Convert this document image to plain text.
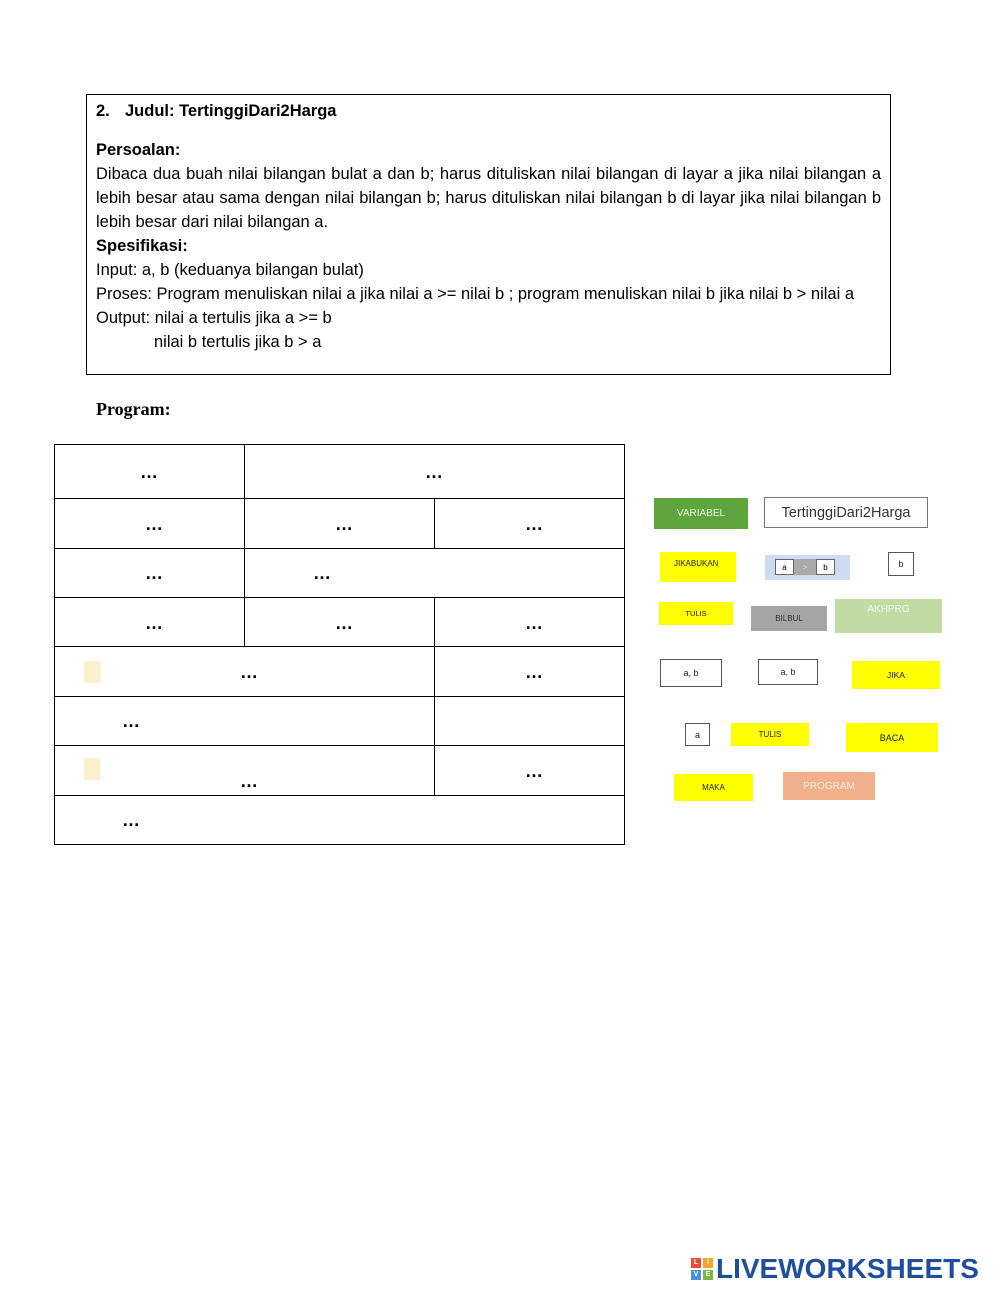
2. Judul: TertinggiDari2Harga

Persoalan:

Dibaca dua buah nilai bilangan bulat a dan b; harus dituliskan nilai bilangan di layar a jika nilai bilangan a lebih besar atau sama dengan nilai bilangan b; harus dituliskan nilai bilangan b di layar jika nilai bilangan b lebih besar dari nilai bilangan a.

Spesifikasi:

Input: a, b (keduanya bilangan bulat)

Proses: Program menuliskan nilai a jika nilai a >= nilai b ; program menuliskan nilai b jika nilai b > nilai a

Output: nilai a tertulis jika a >= b

nilai b tertulis jika b > a

Program:
…	…
…	…	…
…	…
…	…	…
…	…
…
…	…
…
VARIABEL	TertinggiDari2Harga
JIKABUKAN	a	>	b	b
TULIS
BILBUL
AKHPRG
a, b	a, b	JIKA
a	TULIS	BACA
MAKA	PROGRAM
L	I
V	E LIVEWORKSHEETS
